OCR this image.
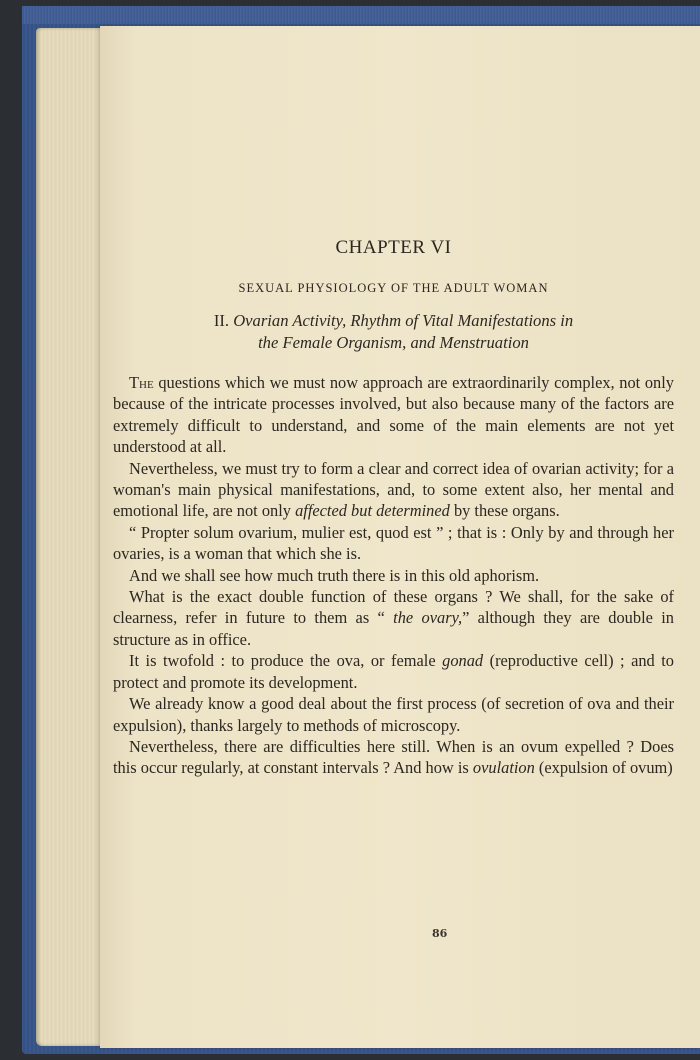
CHAPTER VI
SEXUAL PHYSIOLOGY OF THE ADULT WOMAN
II. Ovarian Activity, Rhythm of Vital Manifestations in
the Female Organism, and Menstruation

The questions which we must now approach are extraordinarily complex, not only because of the intricate processes involved, but also because many of the factors are extremely difficult to understand, and some of the main elements are not yet understood at all.

Nevertheless, we must try to form a clear and correct idea of ovarian activity; for a woman's main physical manifestations, and, to some extent also, her mental and emotional life, are not only affected but determined by these organs.

“ Propter solum ovarium, mulier est, quod est ” ; that is : Only by and through her ovaries, is a woman that which she is.

And we shall see how much truth there is in this old aphorism.

What is the exact double function of these organs ? We shall, for the sake of clearness, refer in future to them as “ the ovary,” although they are double in structure as in office.

It is twofold : to produce the ova, or female gonad (reproductive cell) ; and to protect and promote its development.

We already know a good deal about the first process (of secretion of ova and their expulsion), thanks largely to methods of microscopy.

Nevertheless, there are difficulties here still. When is an ovum expelled ? Does this occur regularly, at constant intervals ? And how is ovulation (expulsion of ovum)

86
